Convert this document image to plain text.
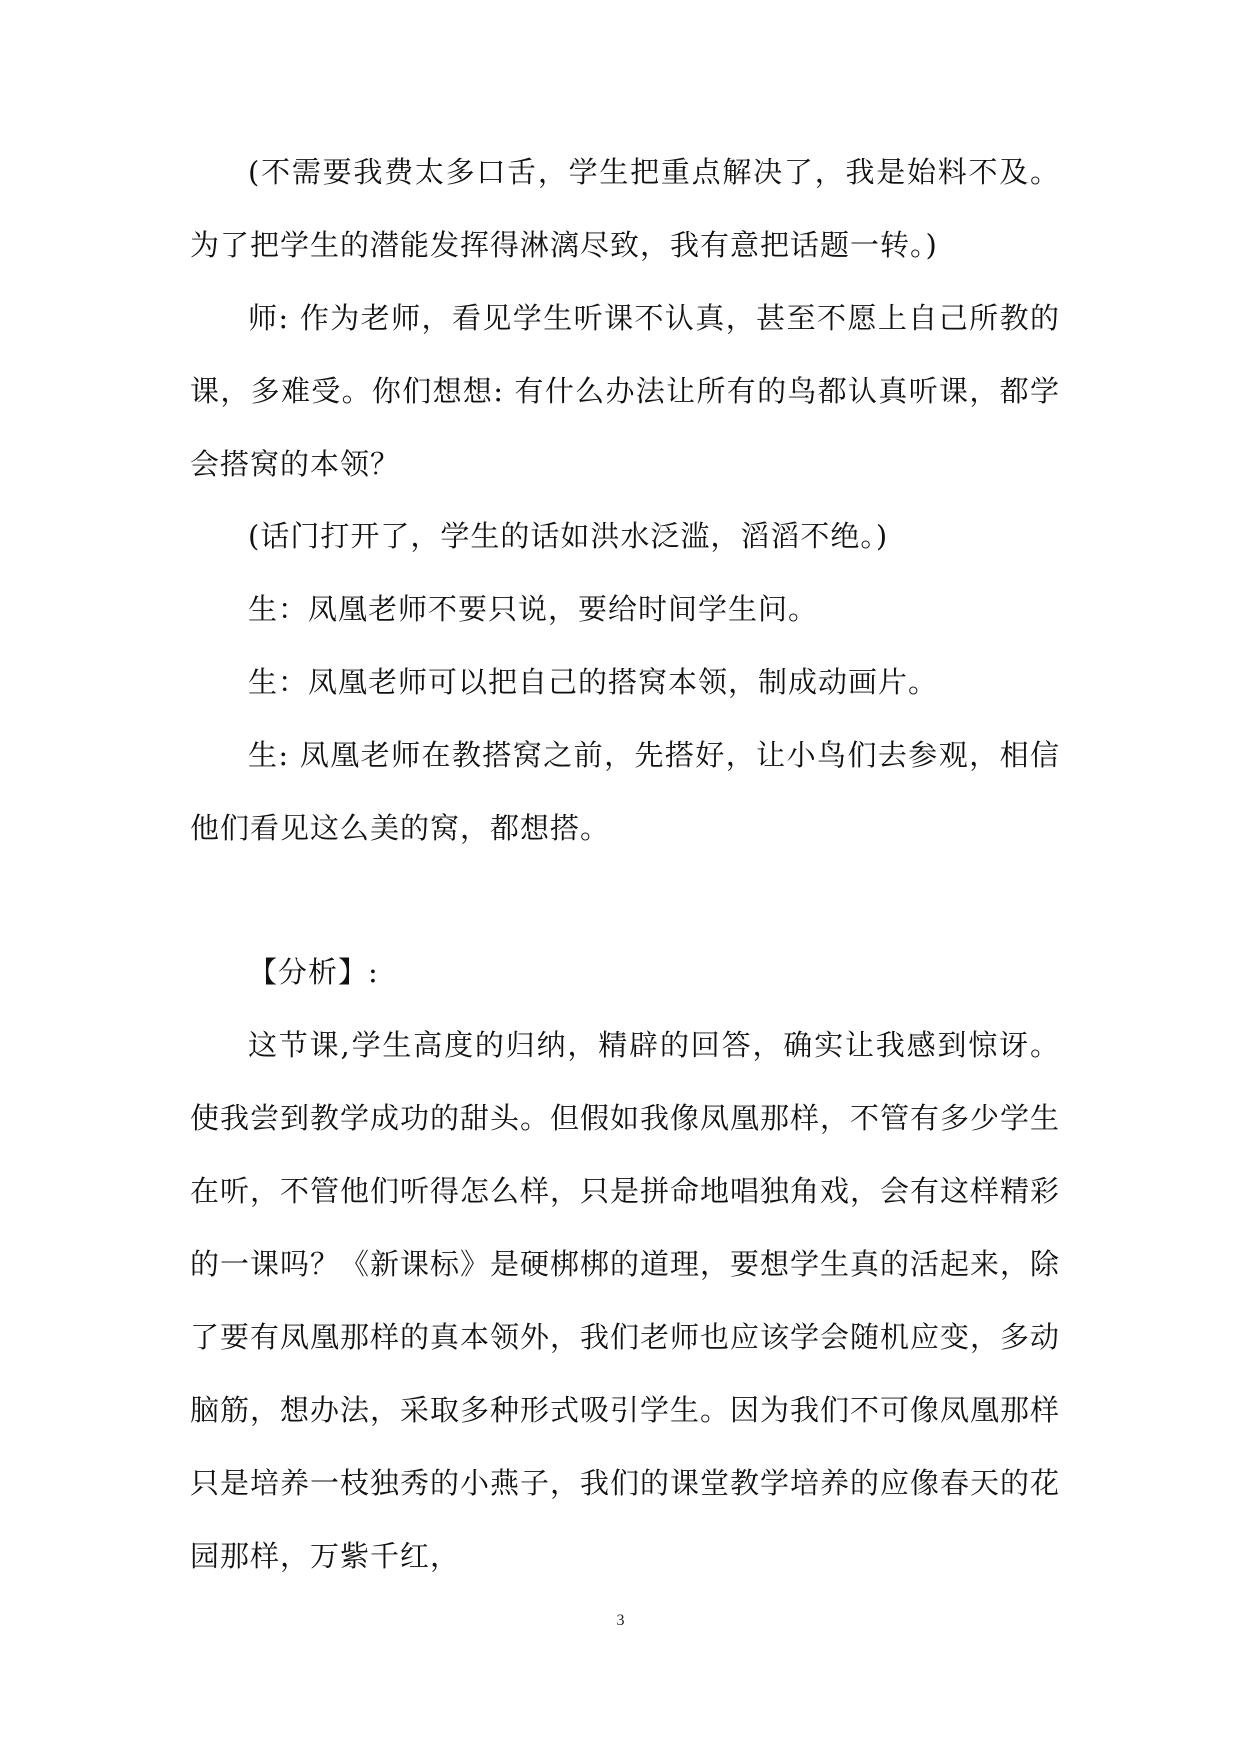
(不需要我费太多口舌，学生把重点解决了，我是始料不及。为了把学生的潜能发挥得淋漓尽致，我有意把话题一转。)

师: 作为老师，看见学生听课不认真，甚至不愿上自己所教的课，多难受。你们想想: 有什么办法让所有的鸟都认真听课，都学会搭窝的本领？

(话门打开了，学生的话如洪水泛滥，滔滔不绝。)

生：凤凰老师不要只说，要给时间学生问。

生：凤凰老师可以把自己的搭窝本领，制成动画片。

生: 凤凰老师在教搭窝之前，先搭好，让小鸟们去参观，相信他们看见这么美的窝，都想搭。

【分析】:

这节课,学生高度的归纳，精辟的回答，确实让我感到惊讶。使我尝到教学成功的甜头。但假如我像凤凰那样，不管有多少学生在听，不管他们听得怎么样，只是拼命地唱独角戏，会有这样精彩的一课吗？《新课标》是硬梆梆的道理，要想学生真的活起来，除了要有凤凰那样的真本领外，我们老师也应该学会随机应变，多动脑筋，想办法，采取多种形式吸引学生。因为我们不可像凤凰那样只是培养一枝独秀的小燕子，我们的课堂教学培养的应像春天的花园那样，万紫千红，

3
